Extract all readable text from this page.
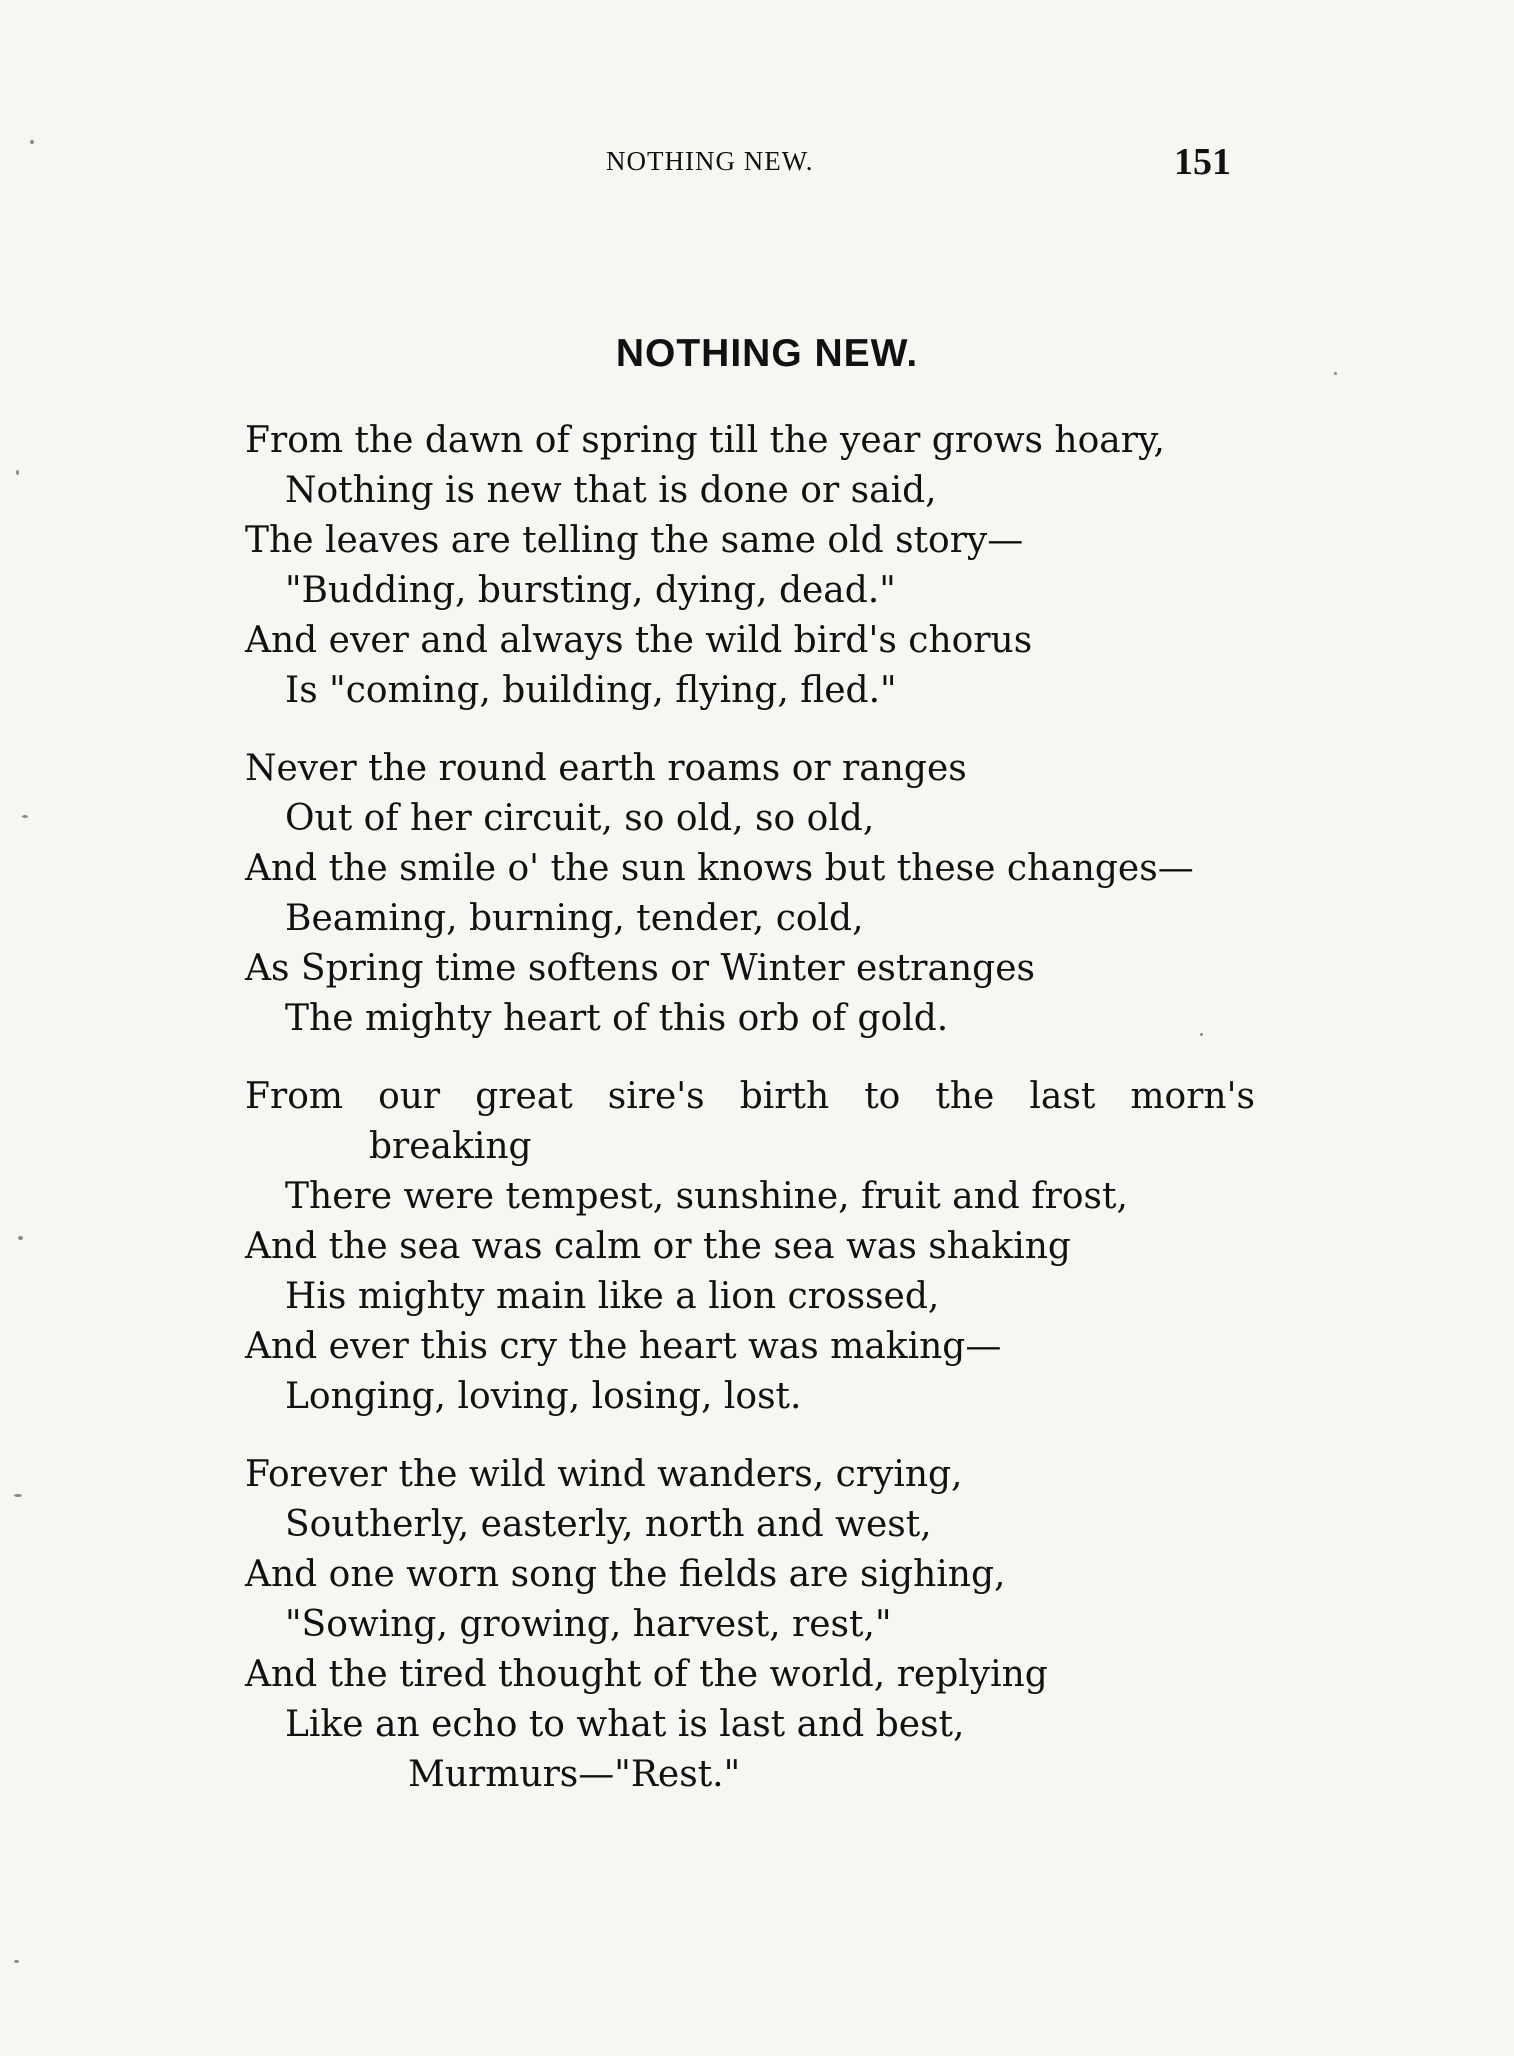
NOTHING NEW.	151
NOTHING NEW.
From the dawn of spring till the year grows hoary,
Nothing is new that is done or said,
The leaves are telling the same old story—
"Budding, bursting, dying, dead."
And ever and always the wild bird's chorus
Is "coming, building, flying, fled."
Never the round earth roams or ranges
Out of her circuit, so old, so old,
And the smile o' the sun knows but these changes—
Beaming, burning, tender, cold,
As Spring time softens or Winter estranges
The mighty heart of this orb of gold.
From our great sire's birth to the last morn's
breaking
There were tempest, sunshine, fruit and frost,
And the sea was calm or the sea was shaking
His mighty main like a lion crossed,
And ever this cry the heart was making—
Longing, loving, losing, lost.
Forever the wild wind wanders, crying,
Southerly, easterly, north and west,
And one worn song the fields are sighing,
"Sowing, growing, harvest, rest,"
And the tired thought of the world, replying
Like an echo to what is last and best,
Murmurs—"Rest."
